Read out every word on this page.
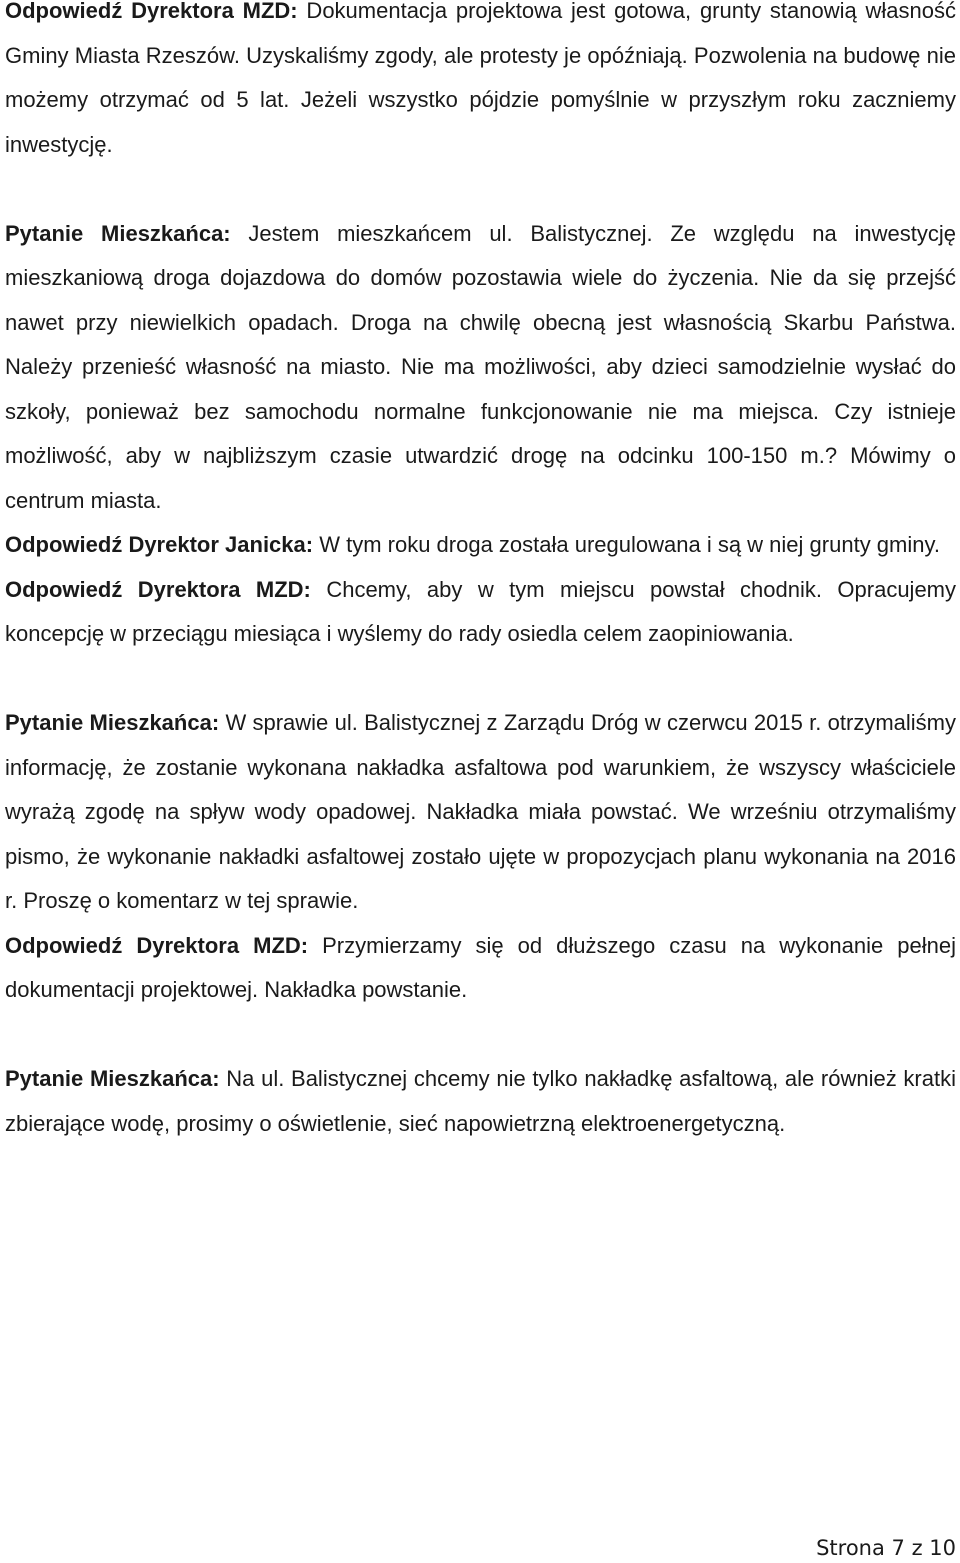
Odpowiedź Dyrektora MZD: Dokumentacja projektowa jest gotowa, grunty stanowią własność Gminy Miasta Rzeszów. Uzyskaliśmy zgody, ale protesty je opóźniają. Pozwolenia na budowę nie możemy otrzymać od 5 lat. Jeżeli wszystko pójdzie pomyślnie w przyszłym roku zaczniemy inwestycję.

Pytanie Mieszkańca: Jestem mieszkańcem ul. Balistycznej. Ze względu na inwestycję mieszkaniową droga dojazdowa do domów pozostawia wiele do życzenia. Nie da się przejść nawet przy niewielkich opadach. Droga na chwilę obecną jest własnością Skarbu Państwa. Należy przenieść własność na miasto. Nie ma możliwości, aby dzieci samodzielnie wysłać do szkoły, ponieważ bez samochodu normalne funkcjonowanie nie ma miejsca. Czy istnieje możliwość, aby w najbliższym czasie utwardzić drogę na odcinku 100-150 m.? Mówimy o centrum miasta.

Odpowiedź Dyrektor Janicka: W tym roku droga została uregulowana i są w niej grunty gminy.

Odpowiedź Dyrektora MZD: Chcemy, aby w tym miejscu powstał chodnik. Opracujemy koncepcję w przeciągu miesiąca i wyślemy do rady osiedla celem zaopiniowania.

Pytanie Mieszkańca: W sprawie ul. Balistycznej z Zarządu Dróg w czerwcu 2015 r. otrzymaliśmy informację, że zostanie wykonana nakładka asfaltowa pod warunkiem, że wszyscy właściciele wyrażą zgodę na spływ wody opadowej. Nakładka miała powstać. We wrześniu otrzymaliśmy pismo, że wykonanie nakładki asfaltowej zostało ujęte w propozycjach planu wykonania na 2016 r. Proszę o komentarz w tej sprawie.

Odpowiedź Dyrektora MZD: Przymierzamy się od dłuższego czasu na wykonanie pełnej dokumentacji projektowej. Nakładka powstanie.

Pytanie Mieszkańca: Na ul. Balistycznej chcemy nie tylko nakładkę asfaltową, ale również kratki zbierające wodę, prosimy o oświetlenie, sieć napowietrzną elektroenergetyczną.

Strona 7 z 10
